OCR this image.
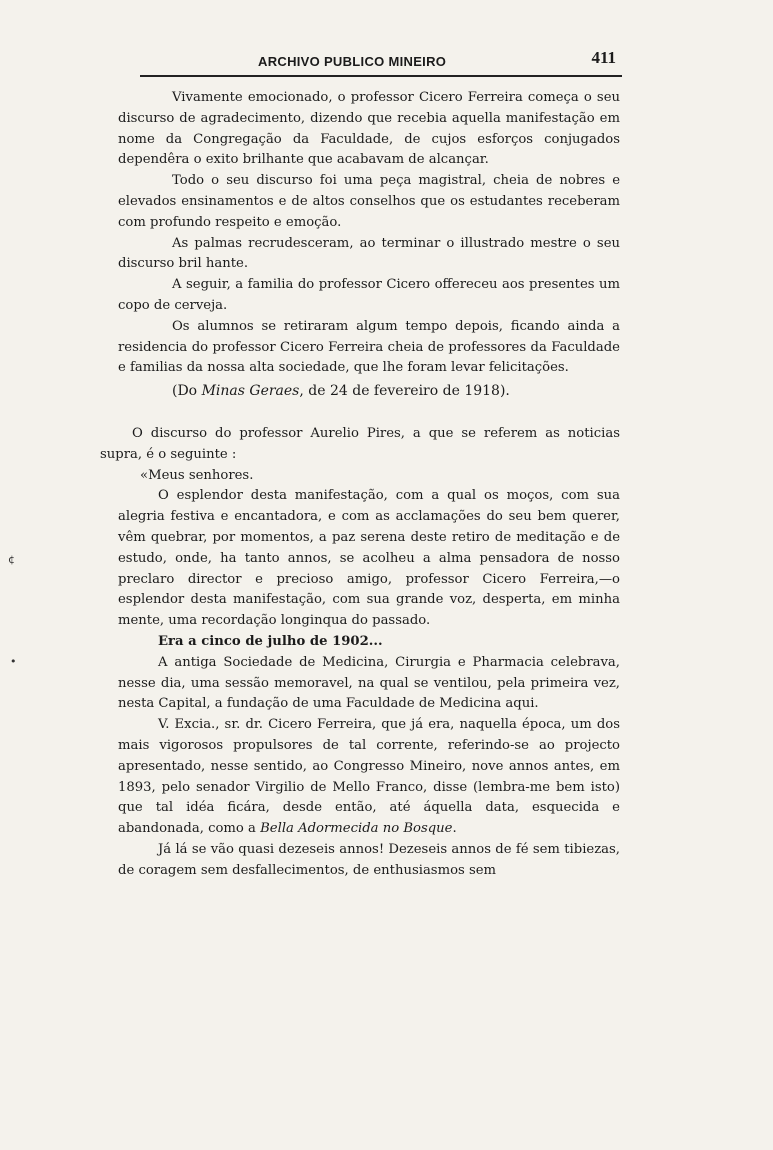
ARCHIVO PUBLICO MINEIRO	411

Vivamente emocionado, o professor Cicero Ferreira começa o seu discurso de agradecimento, dizendo que recebia aquella manifestação em nome da Congregação da Faculdade, de cujos esforços conjugados dependêra o exito brilhante que acabavam de alcançar.

Todo o seu discurso foi uma peça magistral, cheia de nobres e elevados ensinamentos e de altos conselhos que os estudantes receberam com profundo respeito e emoção.

As palmas recrudesceram, ao terminar o illustrado mestre o seu discurso bril hante.

A seguir, a familia do professor Cicero offereceu aos presentes um copo de cerveja.

Os alumnos se retiraram algum tempo depois, ficando ainda a residencia do professor Cicero Ferreira cheia de professores da Faculdade e familias da nossa alta sociedade, que lhe foram levar felicitações.

(Do Minas Geraes, de 24 de fevereiro de 1918).

O discurso do professor Aurelio Pires, a que se referem as noticias supra, é o seguinte :

«Meus senhores.

O esplendor desta manifestação, com a qual os moços, com sua alegria festiva e encantadora, e com as acclamações do seu bem querer, vêm quebrar, por momentos, a paz serena deste retiro de meditação e de estudo, onde, ha tanto annos, se acolheu a alma pensadora de nosso preclaro director e precioso amigo, professor Cicero Ferreira,—o esplendor desta manifestação, com sua grande voz, desperta, em minha mente, uma recordação longinqua do passado.

Era a cinco de julho de 1902...

A antiga Sociedade de Medicina, Cirurgia e Pharmacia celebrava, nesse dia, uma sessão memoravel, na qual se ventilou, pela primeira vez, nesta Capital, a fundação de uma Faculdade de Medicina aqui.

V. Excia., sr. dr. Cicero Ferreira, que já era, naquella época, um dos mais vigorosos propulsores de tal corrente, referindo-se ao projecto apresentado, nesse sentido, ao Congresso Mineiro, nove annos antes, em 1893, pelo senador Virgilio de Mello Franco, disse (lembra-me bem isto) que tal idéa ficára, desde então, até áquella data, esquecida e abandonada, como a Bella Adormecida no Bosque.

Já lá se vão quasi dezeseis annos! Dezeseis annos de fé sem tibiezas, de coragem sem desfallecimentos, de enthusiasmos sem

¢
•
